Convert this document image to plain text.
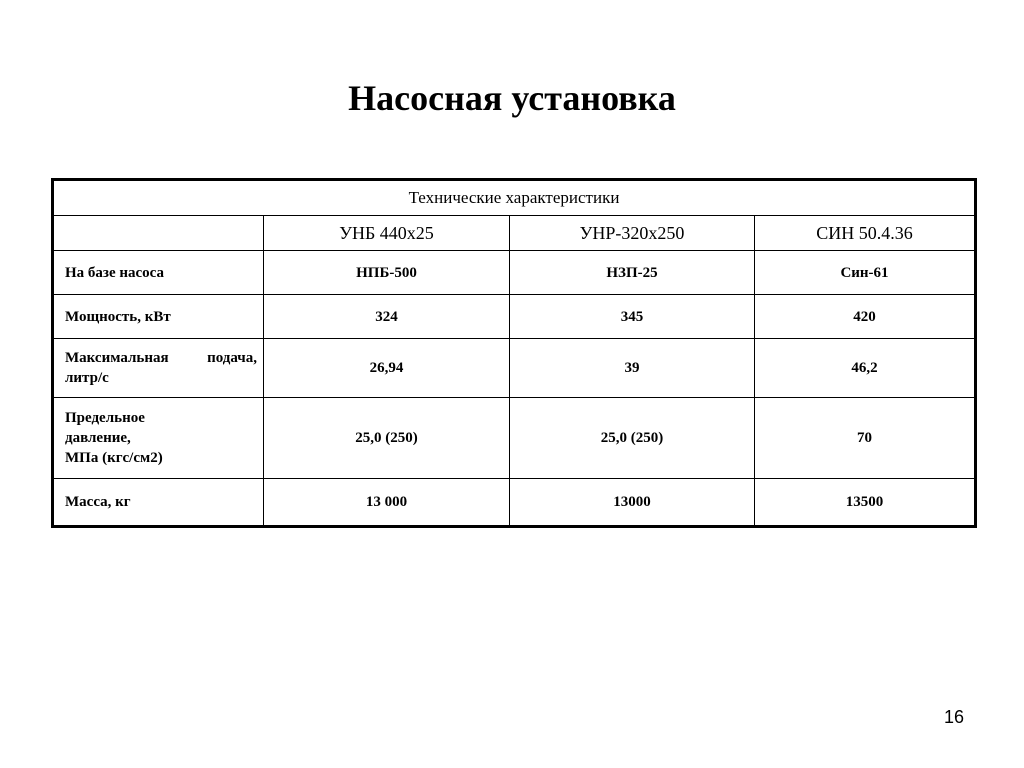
Насосная установка
Технические характеристики			
	УНБ 440х25	УНР-320х250	СИН 50.4.36
На базе насоса	НПБ-500	НЗП-25	Син-61
Мощность, кВт	324	345	420
Максимальная подача, литр/с	26,94	39	46,2
Предельное
давление,
МПа (кгс/см2)	25,0 (250)	25,0 (250)	70
Масса, кг	13 000	13000	13500
16
